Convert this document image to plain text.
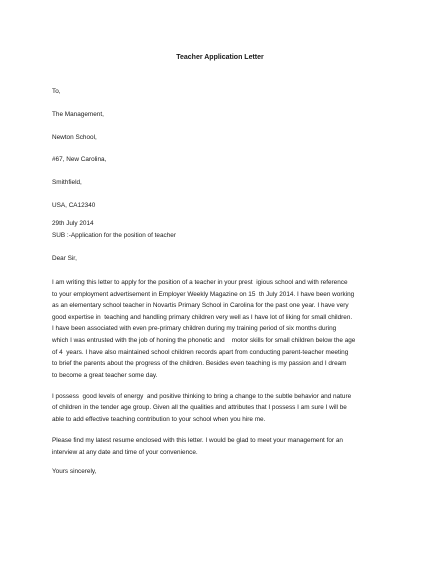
Teacher Application Letter

To,

The Management,

Newton School,

#67, New Carolina,

Smithfield,

USA, CA12340

29th July 2014

SUB :-Application for the position of teacher

Dear Sir,

I am writing this letter to apply for the position of a teacher in your prest  igious school and with reference
to your employment advertisement in Employer Weekly Magazine on 15  th July 2014. I have been working
as an elementary school teacher in Novartis Primary School in Carolina for the past one year. I have very
good expertise in  teaching and handling primary children very well as I have lot of liking for small children.
I have been associated with even pre-primary children during my training period of six months during
which I was entrusted with the job of honing the phonetic and    motor skills for small children below the age
of 4  years. I have also maintained school children records apart from conducting parent-teacher meeting
to brief the parents about the progress of the children. Besides even teaching is my passion and I dream
to become a great teacher some day.
I possess  good levels of energy  and positive thinking to bring a change to the subtle behavior and nature
of children in the tender age group. Given all the qualities and attributes that I possess I am sure I will be
able to add effective teaching contribution to your school when you hire me.
Please find my latest resume enclosed with this letter. I would be glad to meet your management for an
interview at any date and time of your convenience.

Yours sincerely,
